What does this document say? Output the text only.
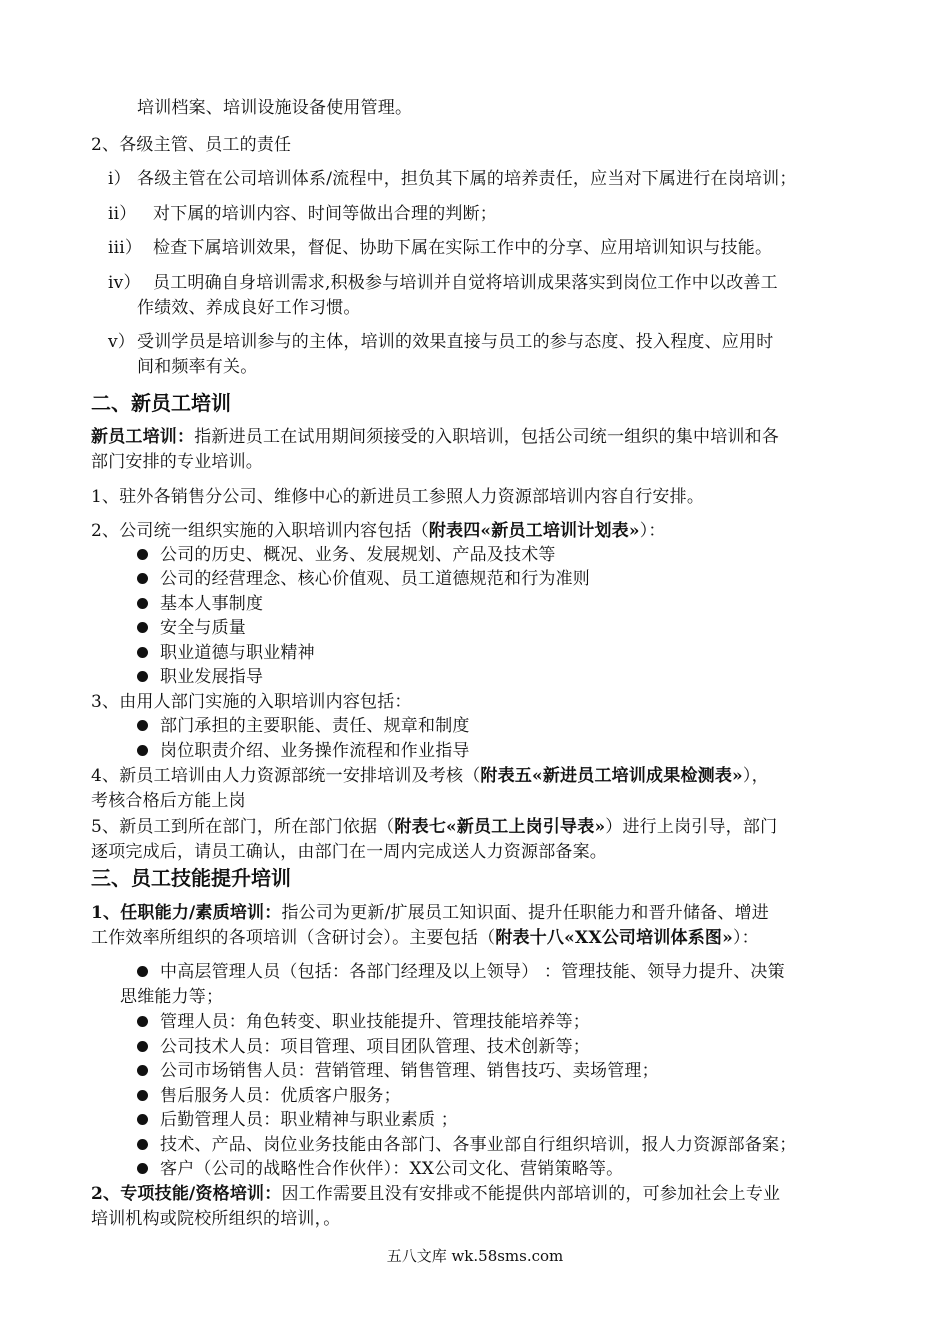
培训档案、培训设施设备使用管理。
2、各级主管、员工的责任
i） 各级主管在公司培训体系/流程中，担负其下属的培养责任，应当对下属进行在岗培训；
ii） 对下属的培训内容、时间等做出合理的判断；
iii） 检查下属培训效果，督促、协助下属在实际工作中的分享、应用培训知识与技能。
iv） 员工明确自身培训需求,积极参与培训并自觉将培训成果落实到岗位工作中以改善工
作绩效、养成良好工作习惯。
v） 受训学员是培训参与的主体，培训的效果直接与员工的参与态度、投入程度、应用时
间和频率有关。
二、新员工培训
新员工培训：指新进员工在试用期间须接受的入职培训，包括公司统一组织的集中培训和各
部门安排的专业培训。
1、驻外各销售分公司、维修中心的新进员工参照人力资源部培训内容自行安排。
2、公司统一组织实施的入职培训内容包括（附表四«新员工培训计划表»）：
公司的历史、概况、业务、发展规划、产品及技术等
公司的经营理念、核心价值观、员工道德规范和行为准则
基本人事制度
安全与质量
职业道德与职业精神
职业发展指导
3、由用人部门实施的入职培训内容包括：
部门承担的主要职能、责任、规章和制度
岗位职责介绍、业务操作流程和作业指导
4、新员工培训由人力资源部统一安排培训及考核（附表五«新进员工培训成果检测表»），
考核合格后方能上岗
5、新员工到所在部门，所在部门依据（附表七«新员工上岗引导表»）进行上岗引导，部门
逐项完成后，请员工确认，由部门在一周内完成送人力资源部备案。
三、员工技能提升培训
1、任职能力/素质培训：指公司为更新/扩展员工知识面、提升任职能力和晋升储备、增进
工作效率所组织的各项培训（含研讨会）。主要包括（附表十八«XX公司培训体系图»）：
中高层管理人员（包括：各部门经理及以上领导） ：管理技能、领导力提升、决策
思维能力等；
管理人员：角色转变、职业技能提升、管理技能培养等；
公司技术人员：项目管理、项目团队管理、技术创新等；
公司市场销售人员：营销管理、销售管理、销售技巧、卖场管理；
售后服务人员：优质客户服务；
后勤管理人员：职业精神与职业素质 ；
技术、产品、岗位业务技能由各部门、各事业部自行组织培训，报人力资源部备案；
客户（公司的战略性合作伙伴）：XX公司文化、营销策略等。
2、专项技能/资格培训：因工作需要且没有安排或不能提供内部培训的，可参加社会上专业
培训机构或院校所组织的培训，。
五八文库 wk.58sms.com
